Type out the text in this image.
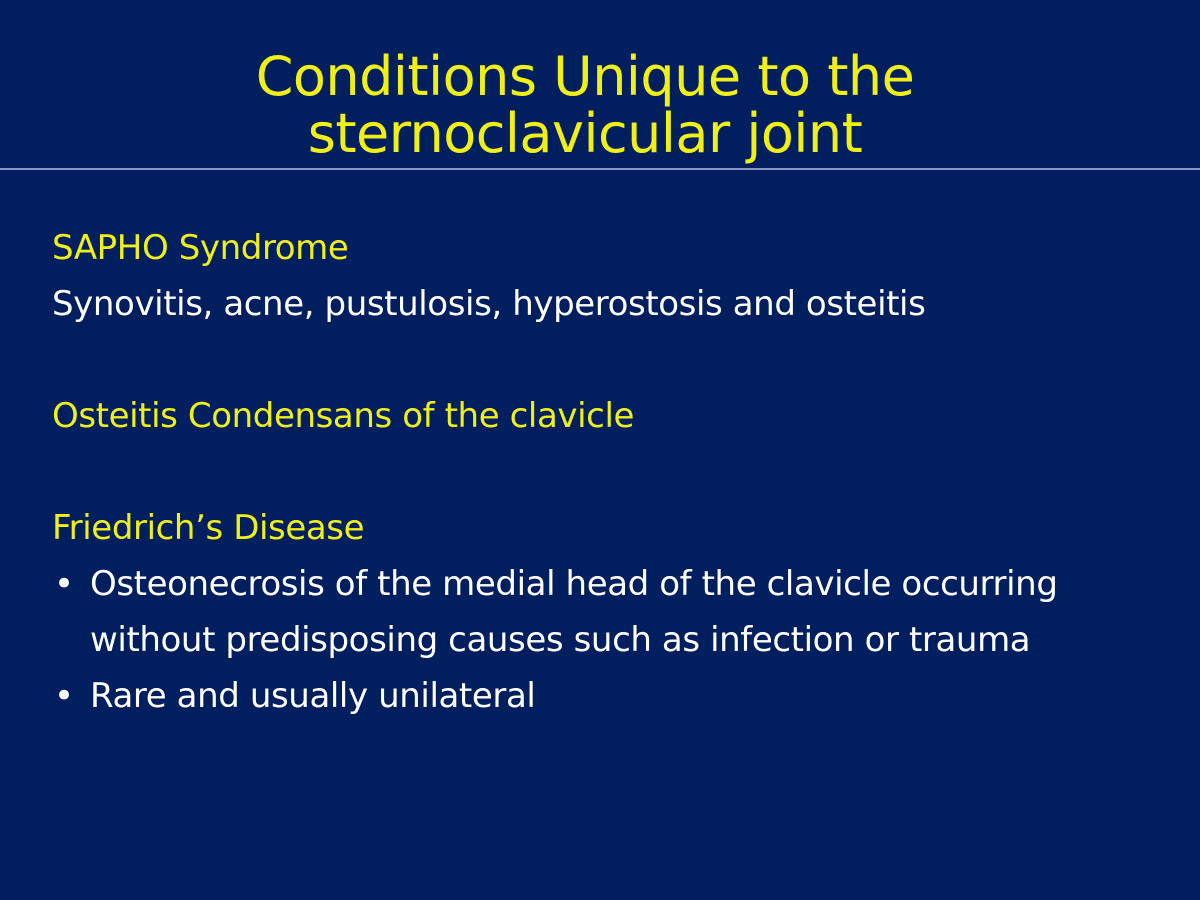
Conditions Unique to the
sternoclavicular joint
SAPHO Syndrome
Synovitis, acne, pustulosis, hyperostosis and osteitis
Osteitis Condensans of the clavicle
Friedrich’s Disease
• Osteonecrosis of the medial head of the clavicle occurring without predisposing causes such as infection or trauma
• Rare and usually unilateral
